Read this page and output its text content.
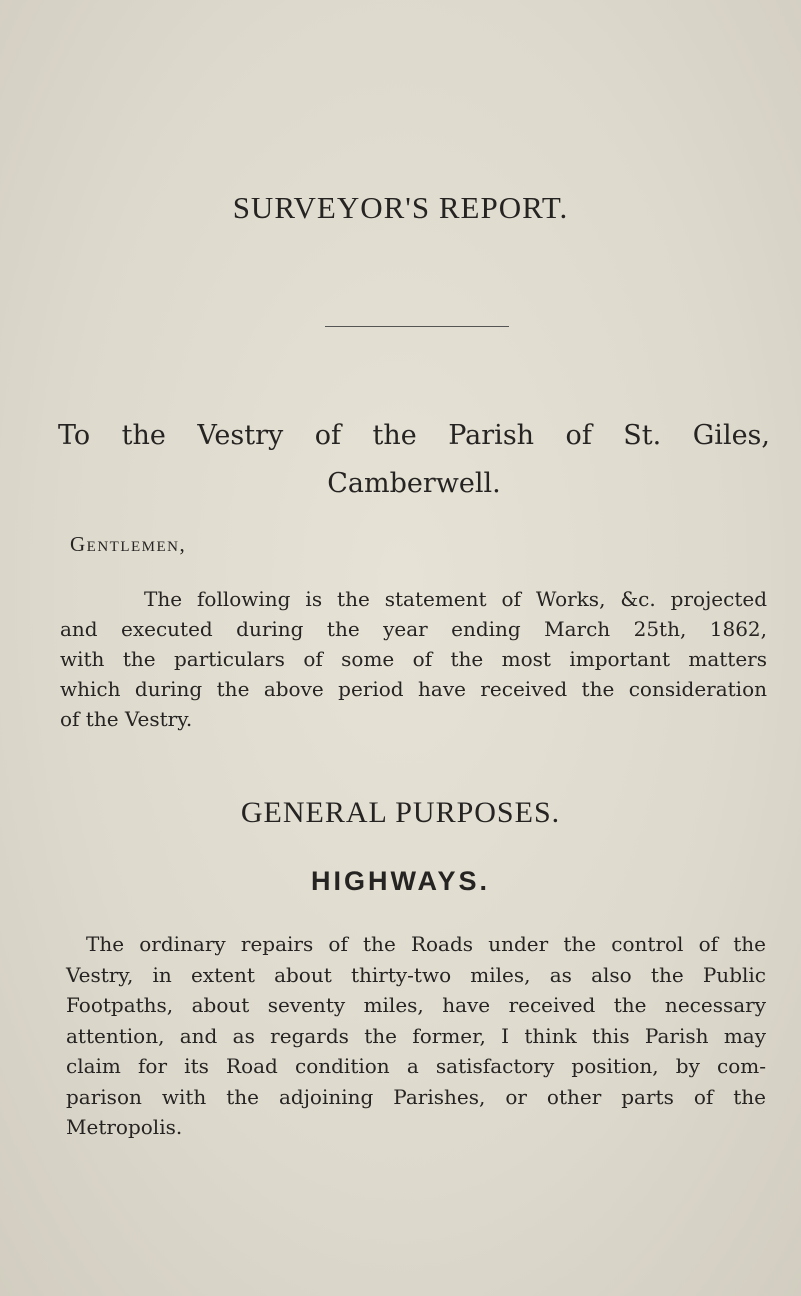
SURVEYOR'S REPORT.

To the Vestry of the Parish of St. Giles,
Camberwell.

Gentlemen,

The following is the statement of Works, &c. projected
and executed during the year ending March 25th, 1862,
with the particulars of some of the most important matters
which during the above period have received the consideration
of the Vestry.

GENERAL PURPOSES.
HIGHWAYS.

The ordinary repairs of the Roads under the control of the
Vestry, in extent about thirty-two miles, as also the Public
Footpaths, about seventy miles, have received the necessary
attention, and as regards the former, I think this Parish may
claim for its Road condition a satisfactory position, by com-
parison with the adjoining Parishes, or other parts of the
Metropolis.
